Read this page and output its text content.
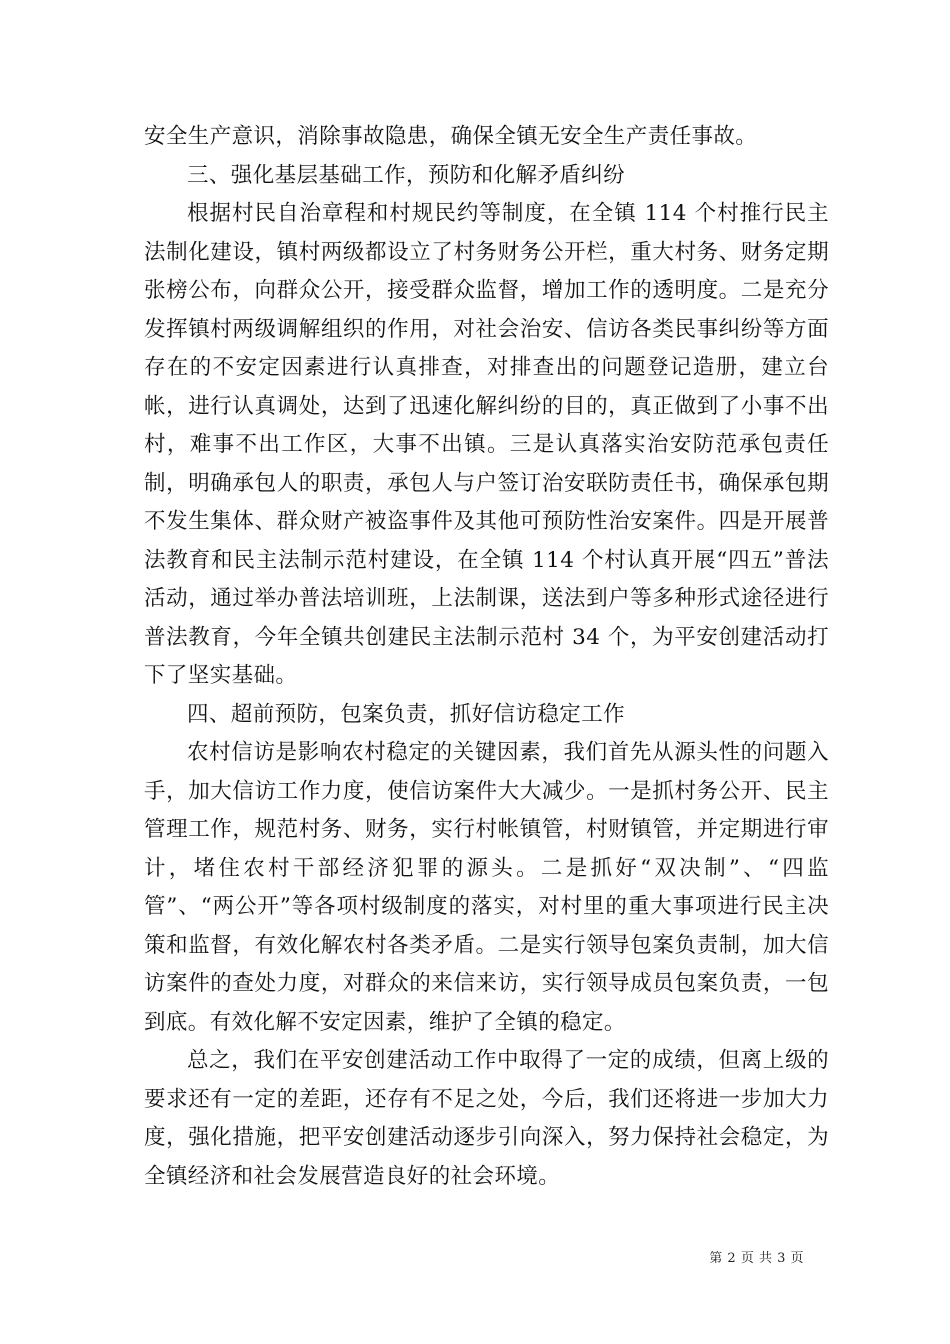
安全生产意识，消除事故隐患，确保全镇无安全生产责任事故。

三、强化基层基础工作，预防和化解矛盾纠纷

根据村民自治章程和村规民约等制度，在全镇 114 个村推行民主法制化建设，镇村两级都设立了村务财务公开栏，重大村务、财务定期张榜公布，向群众公开，接受群众监督，增加工作的透明度。二是充分发挥镇村两级调解组织的作用，对社会治安、信访各类民事纠纷等方面存在的不安定因素进行认真排查，对排查出的问题登记造册，建立台帐，进行认真调处，达到了迅速化解纠纷的目的，真正做到了小事不出村，难事不出工作区，大事不出镇。三是认真落实治安防范承包责任制，明确承包人的职责，承包人与户签订治安联防责任书，确保承包期不发生集体、群众财产被盗事件及其他可预防性治安案件。四是开展普法教育和民主法制示范村建设，在全镇 114 个村认真开展“四五”普法活动，通过举办普法培训班，上法制课，送法到户等多种形式途径进行普法教育，今年全镇共创建民主法制示范村 34 个，为平安创建活动打下了坚实基础。

四、超前预防，包案负责，抓好信访稳定工作

农村信访是影响农村稳定的关键因素，我们首先从源头性的问题入手，加大信访工作力度，使信访案件大大减少。一是抓村务公开、民主管理工作，规范村务、财务，实行村帐镇管，村财镇管，并定期进行审计，堵住农村干部经济犯罪的源头。二是抓好“双决制”、“四监管”、“两公开”等各项村级制度的落实，对村里的重大事项进行民主决策和监督，有效化解农村各类矛盾。二是实行领导包案负责制，加大信访案件的查处力度，对群众的来信来访，实行领导成员包案负责，一包到底。有效化解不安定因素，维护了全镇的稳定。

总之，我们在平安创建活动工作中取得了一定的成绩，但离上级的要求还有一定的差距，还存有不足之处，今后，我们还将进一步加大力度，强化措施，把平安创建活动逐步引向深入，努力保持社会稳定，为全镇经济和社会发展营造良好的社会环境。

第 2 页 共 3 页
